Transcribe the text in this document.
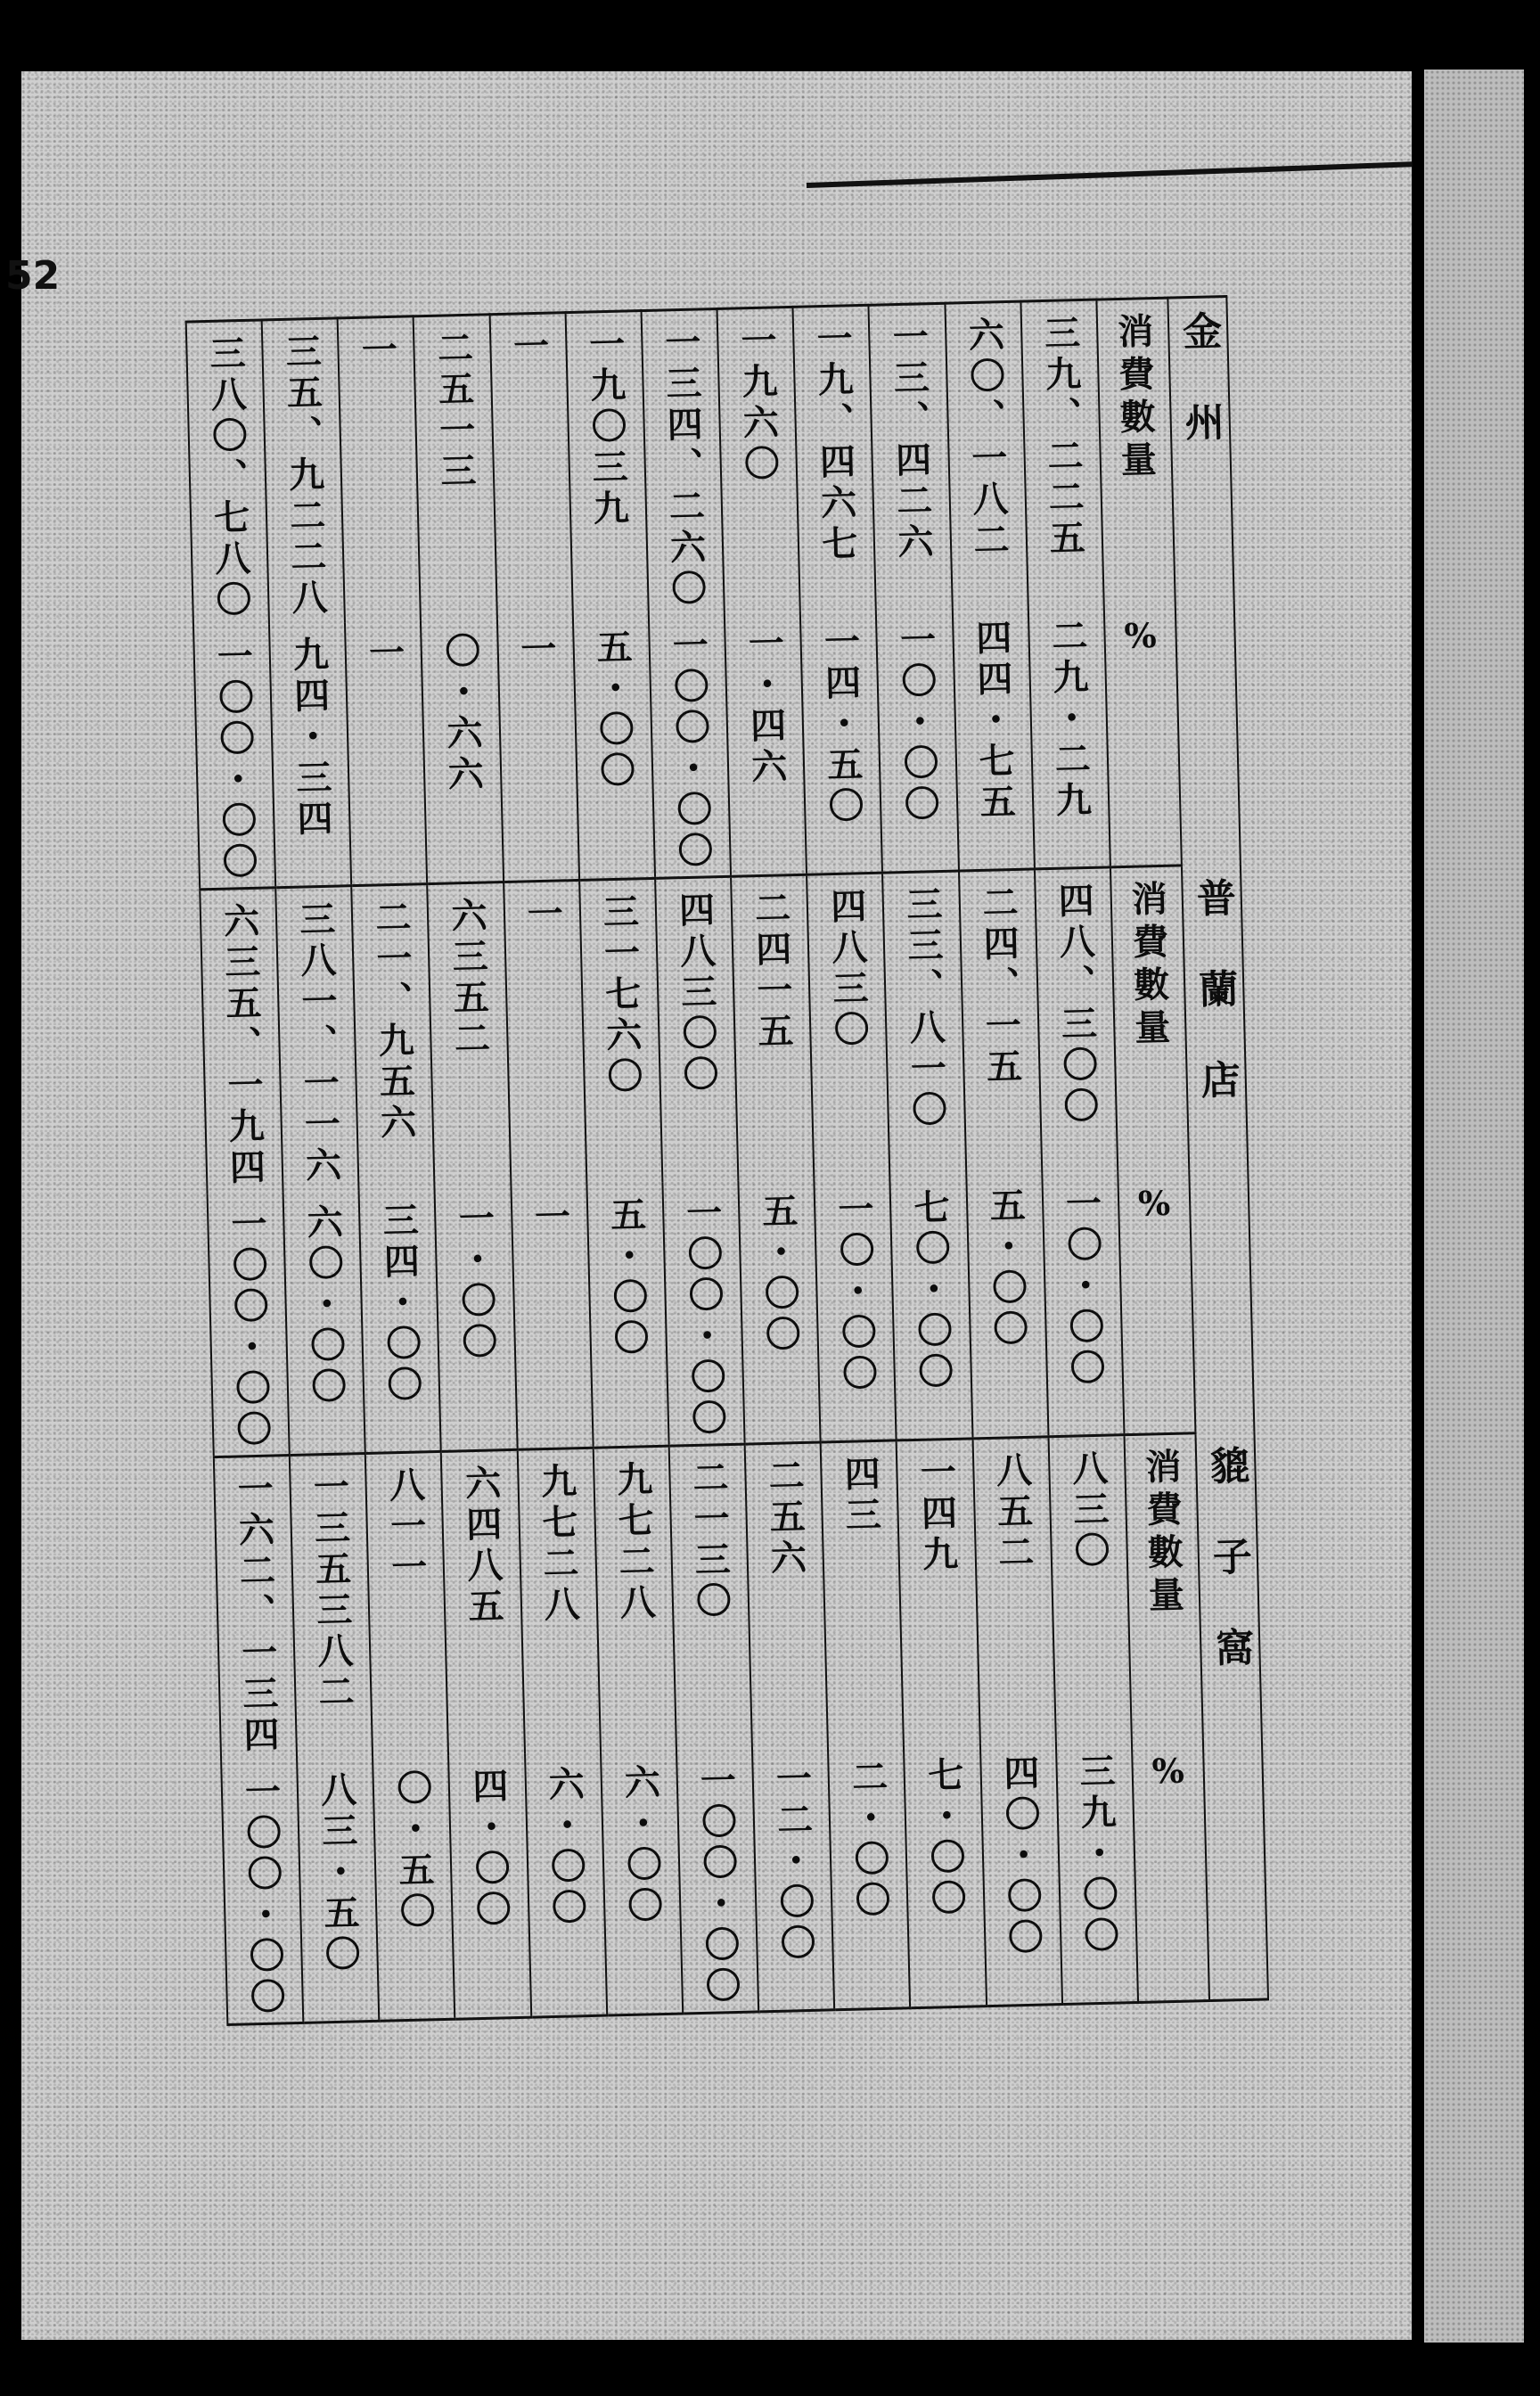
52
三八〇、七八〇	三五、九二二八	一	二五一三	一	一九〇三九	一三四、二六〇	一九六〇	一九、四六七	一三、四二六	六〇、一八二	三九、二二五	消費數量	金州
一〇〇・〇〇	九四・三四	一	〇・六六	一	五・〇〇	一〇〇・〇〇	一・四六	一四・五〇	一〇・〇〇	四四・七五	二九・二九	%	
六三五、一九四	三八一、一一六	二一、九五六	六三五二	一	三一七六〇	四八三〇〇	二四一五	四八三〇	三三、八一〇	二四、一五	四八、三〇〇	消費數量	普蘭店
一〇〇・〇〇	六〇・〇〇	三四・〇〇	一・〇〇	一	五・〇〇	一〇〇・〇〇	五・〇〇	一〇・〇〇	七〇・〇〇	五・〇〇	一〇・〇〇	%	
一六二、一三四	一三五三八二	八一一	六四八五	九七二八	九七二八	二一三〇	二五六	四三	一四九	八五二	八三〇	消費數量	貔子窩
一〇〇・〇〇	八三・五〇	〇・五〇	四・〇〇	六・〇〇	六・〇〇	一〇〇・〇〇	一二・〇〇	二・〇〇	七・〇〇	四〇・〇〇	三九・〇〇	%	
